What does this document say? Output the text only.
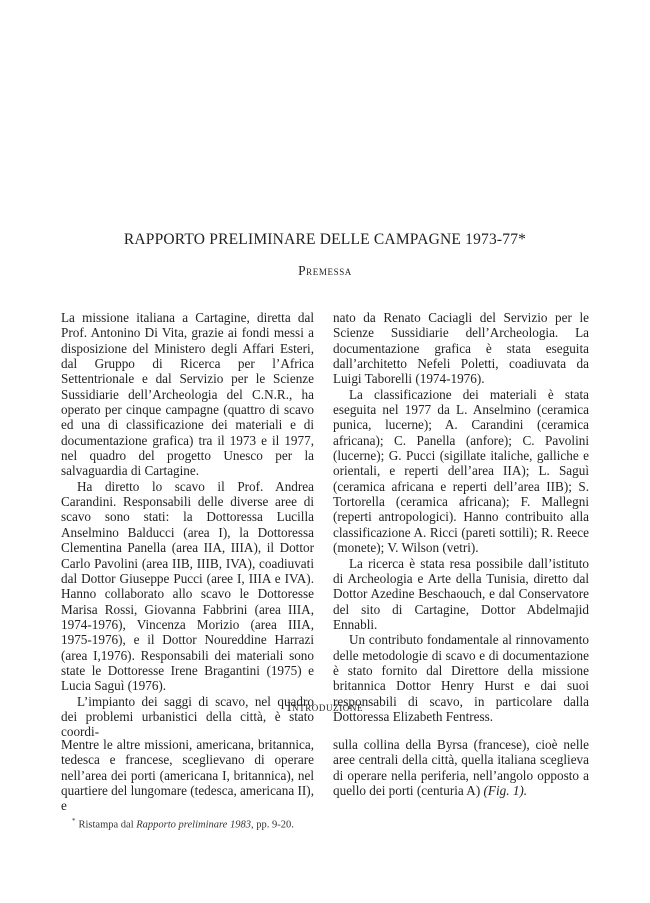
RAPPORTO PRELIMINARE DELLE CAMPAGNE 1973-77*
Premessa

La missione italiana a Cartagine, diretta dal Prof. Antonino Di Vita, grazie ai fondi messi a disposizione del Ministero degli Affari Esteri, dal Gruppo di Ricerca per l’Africa Settentrionale e dal Servizio per le Scienze Sussidiarie dell’Archeologia del C.N.R., ha operato per cinque campagne (quattro di scavo ed una di classificazione dei materiali e di documentazione grafica) tra il 1973 e il 1977, nel quadro del progetto Unesco per la salvaguardia di Cartagine.

Ha diretto lo scavo il Prof. Andrea Carandini. Responsabili delle diverse aree di scavo sono stati: la Dottoressa Lucilla Anselmino Balducci (area I), la Dottoressa Clementina Panella (area IIA, IIIA), il Dottor Carlo Pavolini (area IIB, IIIB, IVA), coadiuvati dal Dottor Giuseppe Pucci (aree I, IIIA e IVA). Hanno collaborato allo scavo le Dottoresse Marisa Rossi, Giovanna Fabbrini (area IIIA, 1974-1976), Vincenza Morizio (area IIIA, 1975-1976), e il Dottor Noureddine Harrazi (area I,1976). Responsabili dei materiali sono state le Dottoresse Irene Bragantini (1975) e Lucia Saguì (1976).

L’impianto dei saggi di scavo, nel quadro dei problemi urbanistici della città, è stato coordi-

nato da Renato Caciagli del Servizio per le Scienze Sussidiarie dell’Archeologia. La documentazione grafica è stata eseguita dall’architetto Nefeli Poletti, coadiuvata da Luigi Taborelli (1974-1976).

La classificazione dei materiali è stata eseguita nel 1977 da L. Anselmino (ceramica punica, lucerne); A. Carandini (ceramica africana); C. Panella (anfore); C. Pavolini (lucerne); G. Pucci (sigillate italiche, galliche e orientali, e reperti dell’area IIA); L. Saguì (ceramica africana e reperti dell’area IIB); S. Tortorella (ceramica africana); F. Mallegni (reperti antropologici). Hanno contribuito alla classificazione A. Ricci (pareti sottili); R. Reece (monete); V. Wilson (vetri).

La ricerca è stata resa possibile dall’istituto di Archeologia e Arte della Tunisia, diretto dal Dottor Azedine Beschaouch, e dal Conservatore del sito di Cartagine, Dottor Abdelmajid Ennabli.

Un contributo fondamentale al rinnovamento delle metodologie di scavo e di documentazione è stato fornito dal Direttore della missione britannica Dottor Henry Hurst e dai suoi responsabili di scavo, in particolare dalla Dottoressa Elizabeth Fentress.

Introduzione

Mentre le altre missioni, americana, britannica, tedesca e francese, sceglievano di operare nell’area dei porti (americana I, britannica), nel quartiere del lungomare (tedesca, americana II), e

sulla collina della Byrsa (francese), cioè nelle aree centrali della città, quella italiana sceglieva di operare nella periferia, nell’angolo opposto a quello dei porti (centuria A) (Fig. 1).

* Ristampa dal Rapporto preliminare 1983, pp. 9-20.
